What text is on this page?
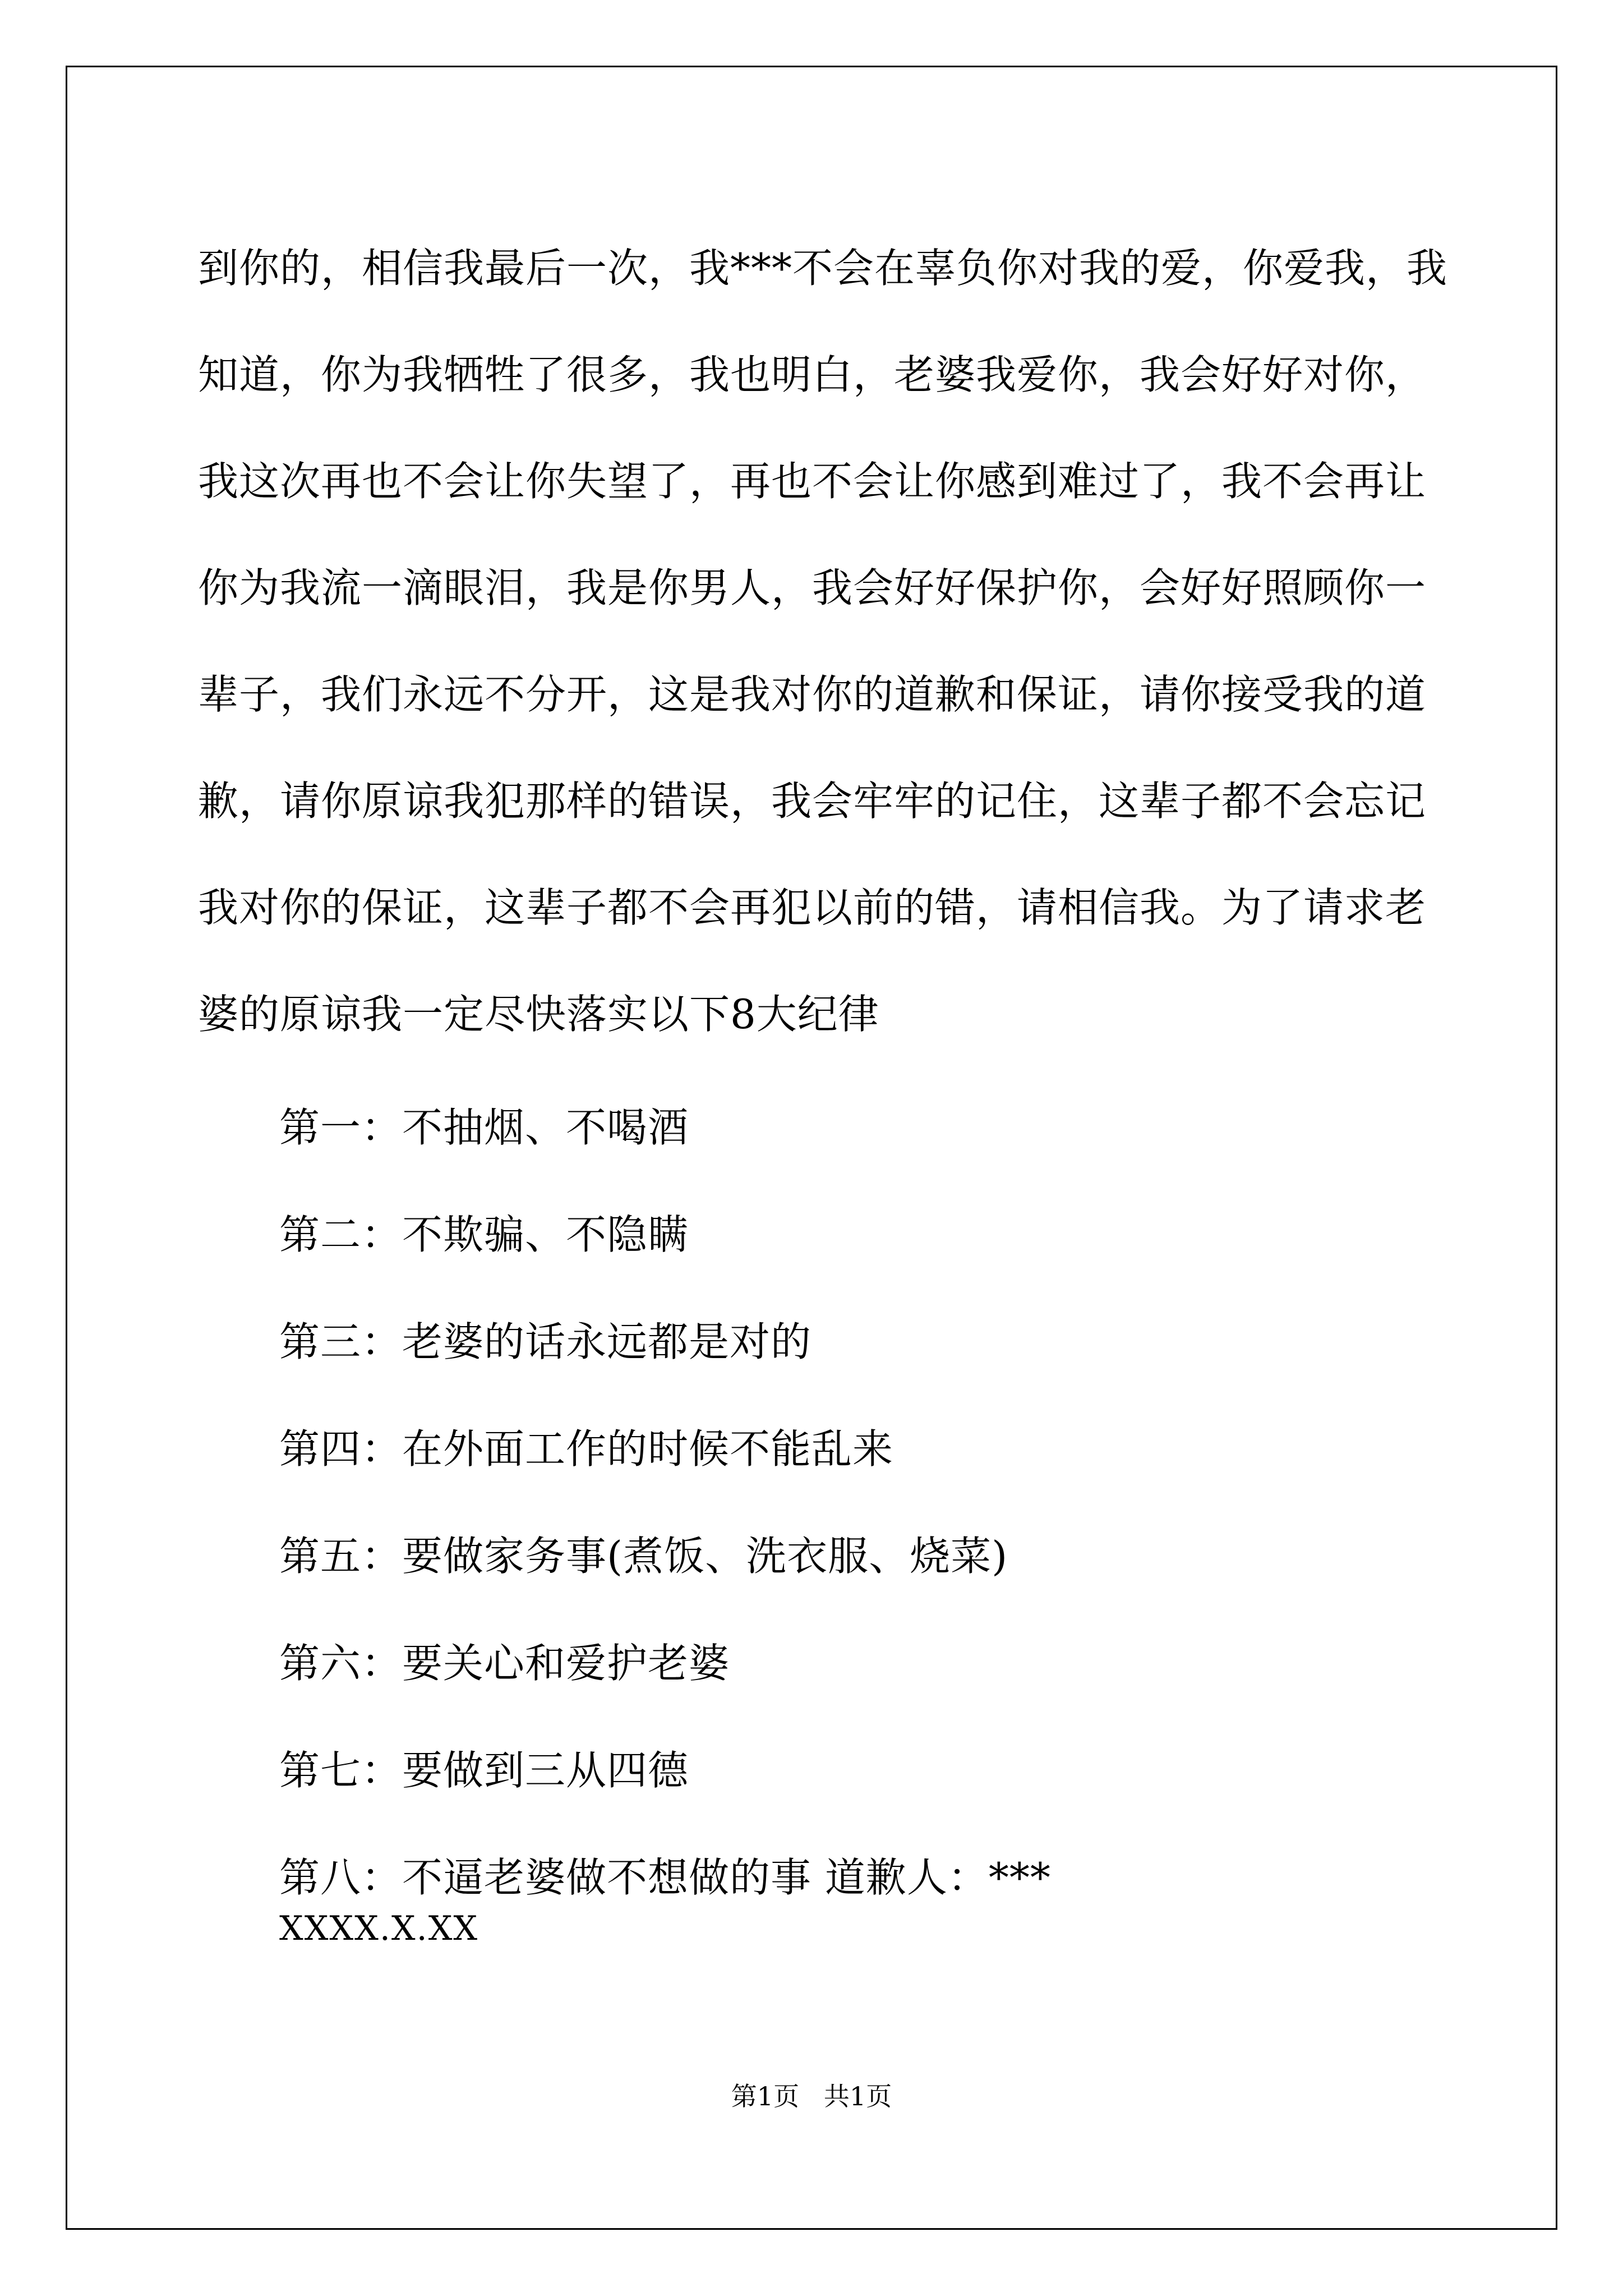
到你的，相信我最后一次，我***不会在辜负你对我的爱，你爱我，我
知道，你为我牺牲了很多，我也明白，老婆我爱你，我会好好对你，
我这次再也不会让你失望了，再也不会让你感到难过了，我不会再让
你为我流一滴眼泪，我是你男人，我会好好保护你，会好好照顾你一
辈子，我们永远不分开，这是我对你的道歉和保证，请你接受我的道
歉，请你原谅我犯那样的错误，我会牢牢的记住，这辈子都不会忘记
我对你的保证，这辈子都不会再犯以前的错，请相信我。为了请求老
婆的原谅我一定尽快落实以下8大纪律
第一：不抽烟、不喝酒
第二：不欺骗、不隐瞒
第三：老婆的话永远都是对的
第四：在外面工作的时候不能乱来
第五：要做家务事(煮饭、洗衣服、烧菜)
第六：要关心和爱护老婆
第七：要做到三从四德
第八：不逼老婆做不想做的事 道歉人：***
XXXX.X.XX
第1页   共1页
